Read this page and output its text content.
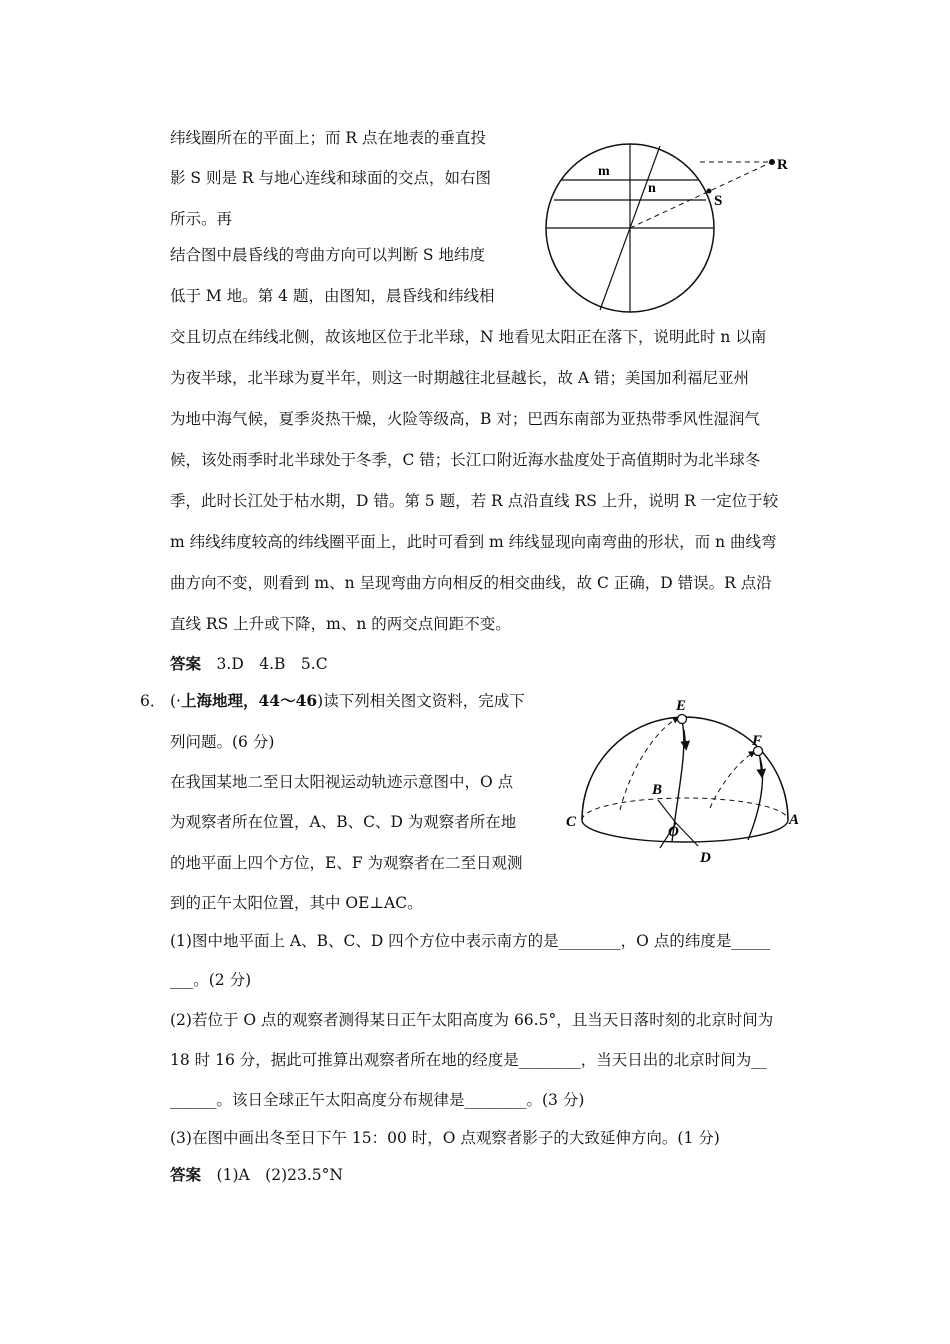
纬线圈所在的平面上；而 R 点在地表的垂直投
影 S 则是 R 与地心连线和球面的交点，如右图
所示。再
结合图中晨昏线的弯曲方向可以判断 S 地纬度
低于 M 地。第 4 题，由图知，晨昏线和纬线相
交且切点在纬线北侧，故该地区位于北半球，N 地看见太阳正在落下，说明此时 n 以南
为夜半球，北半球为夏半年，则这一时期越往北昼越长，故 A 错；美国加利福尼亚州
为地中海气候，夏季炎热干燥，火险等级高，B 对；巴西东南部为亚热带季风性湿润气
候，该处雨季时北半球处于冬季，C 错；长江口附近海水盐度处于高值期时为北半球冬
季，此时长江处于枯水期，D 错。第 5 题，若 R 点沿直线 RS 上升，说明 R 一定位于较
m 纬线纬度较高的纬线圈平面上，此时可看到 m 纬线显现向南弯曲的形状，而 n 曲线弯
曲方向不变，则看到 m、n 呈现弯曲方向相反的相交曲线，故 C 正确，D 错误。R 点沿
直线 RS 上升或下降，m、n 的两交点间距不变。
答案　 3.D　4.B　5.C
m
n
R
S
6． (·上海地理，44～46)读下列相关图文资料，完成下
列问题。(6 分)
在我国某地二至日太阳视运动轨迹示意图中，O 点
为观察者所在位置，A、B、C、D 为观察者所在地
的地平面上四个方位，E、F 为观察者在二至日观测
到的正午太阳位置，其中 OE⊥AC。
(1)图中地平面上 A、B、C、D 四个方位中表示南方的是________，O 点的纬度是_____
___。(2 分)
(2)若位于 O 点的观察者测得某日正午太阳高度为 66.5°，且当天日落时刻的北京时间为
18 时 16 分，据此可推算出观察者所在地的经度是________，当天日出的北京时间为__
______。该日全球正午太阳高度分布规律是________。(3 分)
(3)在图中画出冬至日下午 15：00 时，O 点观察者影子的大致延伸方向。(1 分)
答案　 (1)A　(2)23.5°N
E
F
B
C
O
A
D
